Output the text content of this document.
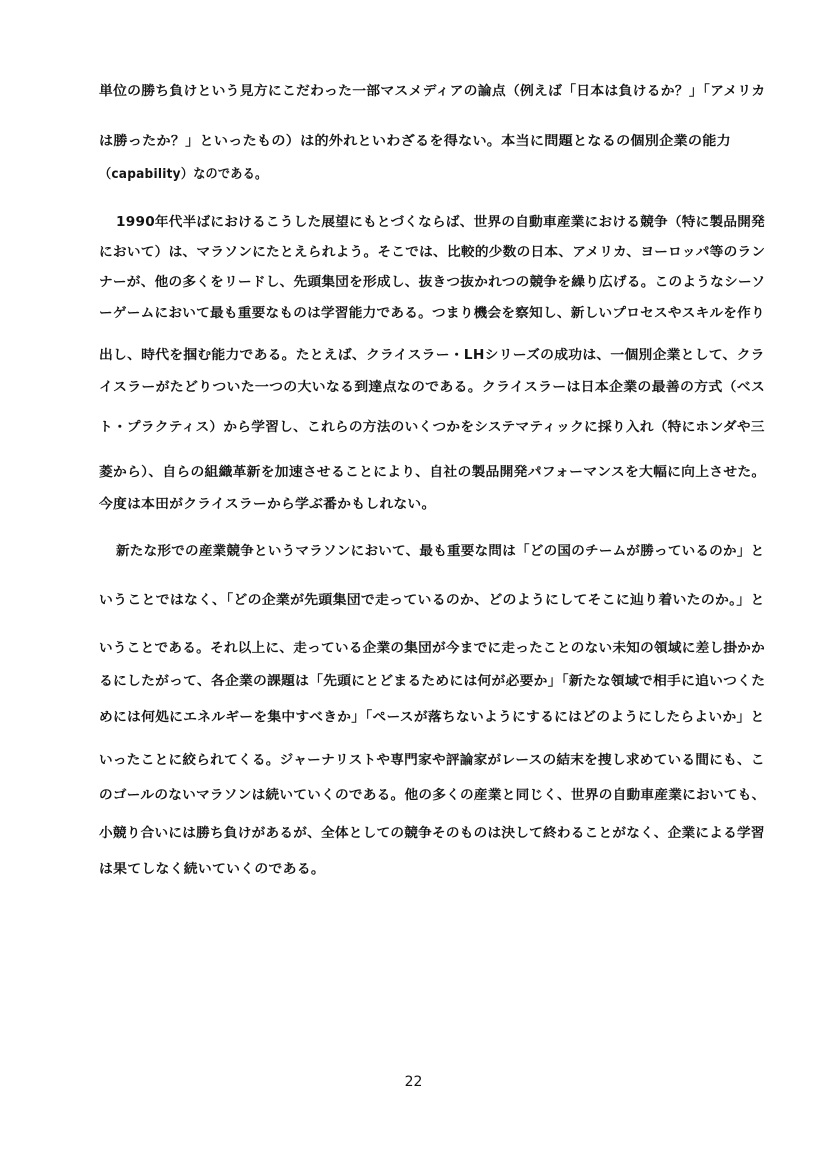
単位の勝ち負けという見方にこだわった一部マスメディアの論点（例えば「日本は負けるか？」「アメリカ
は勝ったか？」といったもの）は的外れといわざるを得ない。本当に問題となるの個別企業の能力
（capability）なのである。
1990年代半ばにおけるこうした展望にもとづくならば、世界の自動車産業における競争（特に製品開発
において）は、マラソンにたとえられよう。そこでは、比較的少数の日本、アメリカ、ヨーロッパ等のラン
ナーが、他の多くをリードし、先頭集団を形成し、抜きつ抜かれつの競争を繰り広げる。このようなシーソ
ーゲームにおいて最も重要なものは学習能力である。つまり機会を察知し、新しいプロセスやスキルを作り
出し、時代を掴む能力である。たとえば、クライスラー・LHシリーズの成功は、一個別企業として、クラ
イスラーがたどりついた一つの大いなる到達点なのである。クライスラーは日本企業の最善の方式（ベス
ト・プラクティス）から学習し、これらの方法のいくつかをシステマティックに採り入れ（特にホンダや三
菱から）、自らの組織革新を加速させることにより、自社の製品開発パフォーマンスを大幅に向上させた。
今度は本田がクライスラーから学ぶ番かもしれない。
新たな形での産業競争というマラソンにおいて、最も重要な問は「どの国のチームが勝っているのか」と
いうことではなく、「どの企業が先頭集団で走っているのか、どのようにしてそこに辿り着いたのか。」と
いうことである。それ以上に、走っている企業の集団が今までに走ったことのない未知の領域に差し掛かか
るにしたがって、各企業の課題は「先頭にとどまるためには何が必要か」「新たな領域で相手に追いつくた
めには何処にエネルギーを集中すべきか」「ペースが落ちないようにするにはどのようにしたらよいか」と
いったことに絞られてくる。ジャーナリストや専門家や評論家がレースの結末を捜し求めている間にも、こ
のゴールのないマラソンは続いていくのである。他の多くの産業と同じく、世界の自動車産業においても、
小競り合いには勝ち負けがあるが、全体としての競争そのものは決して終わることがなく、企業による学習
は果てしなく続いていくのである。
22
